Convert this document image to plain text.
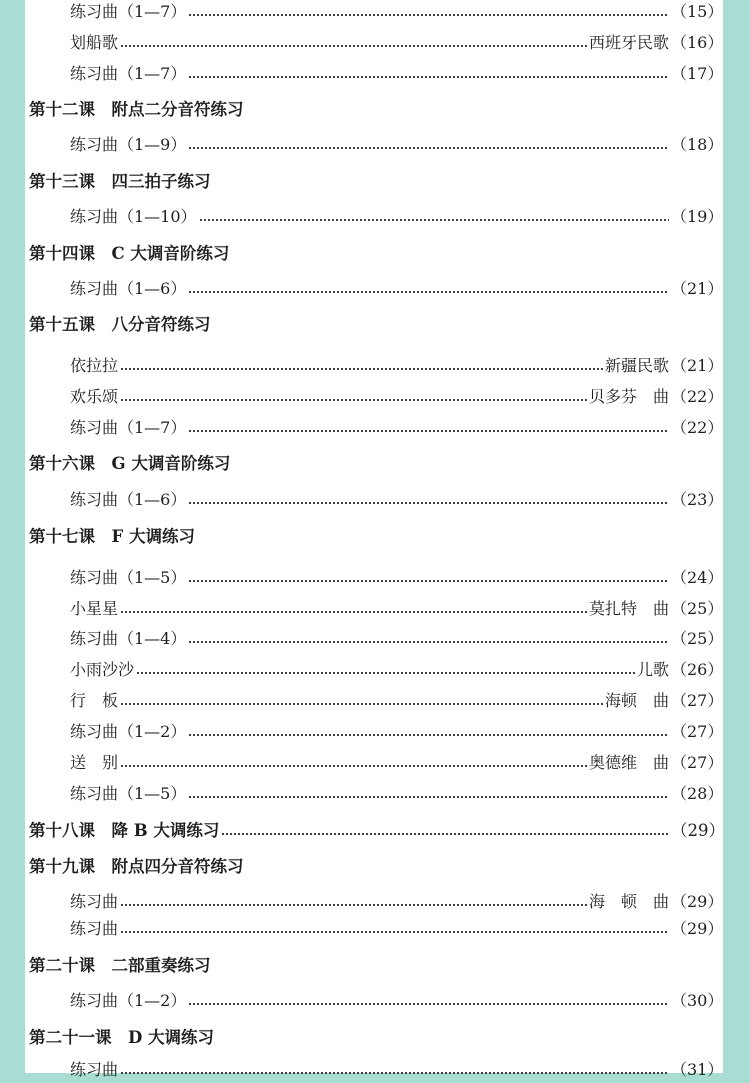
练习曲（1—7）	（15）
划船歌	西班牙民歌 （16）
练习曲（1—7）	（17）
第十二课　附点二分音符练习
练习曲（1—9）	（18）
第十三课　四三拍子练习
练习曲（1—10）	（19）
第十四课　C 大调音阶练习
练习曲（1—6）	（21）
第十五课　八分音符练习
依拉拉	新疆民歌 （21）
欢乐颂	贝多芬　曲 （22）
练习曲（1—7）	（22）
第十六课　G 大调音阶练习
练习曲（1—6）	（23）
第十七课　F 大调练习
练习曲（1—5）	（24）
小星星	莫扎特　曲 （25）
练习曲（1—4）	（25）
小雨沙沙	儿歌 （26）
行　板	海顿　曲 （27）
练习曲（1—2）	（27）
送　别	奥德维　曲 （27）
练习曲（1—5）	（28）
第十八课　降 B 大调练习	（29）
第十九课　附点四分音符练习
练习曲	海　顿　曲 （29）
练习曲	（29）
第二十课　二部重奏练习
练习曲（1—2）	（30）
第二十一课　D 大调练习
练习曲	（31）
